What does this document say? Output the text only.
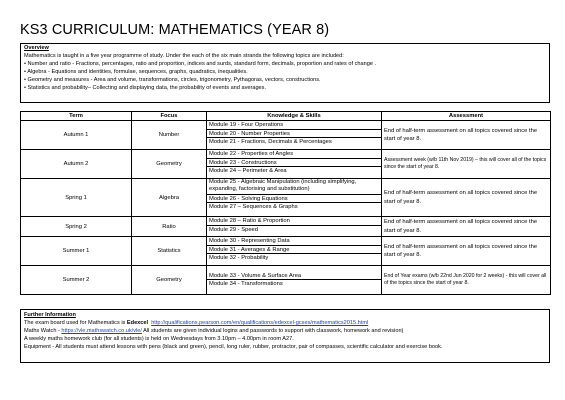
KS3 CURRICULUM: MATHEMATICS (YEAR 8)
Overview
Mathematics is taught in a five year programme of study. Under the each of the six main strands the following topics are included:
• Number and ratio - Fractions, percentages, ratio and proportion, indices and surds, standard form, decimals, proportion and rates of change .
• Algebra - Equations and identities, formulae, sequences, graphs, quadratics, inequalities.
• Geometry and measures - Area and volume, transformations, circles, trigonometry, Pythagoras, vectors, constructions.
• Statistics and probability– Collecting and displaying data, the probability of events and averages.
Term	Focus	Knowledge & Skills	Assessment
Autumn 1	Number	Module 19 - Four Operations
Module 20 - Number Properties
Module 21 - Fractions, Decimals & Percentages	End of half-term assessment on all topics covered since the start of year 8.
Autumn 2	Geometry	Module 22 - Properties of Angles
Module 23 - Constructions
Module 24 – Perimeter & Area	Assessment week (w/b 11th Nov 2019) – this will cover all of the topics since the start of year 8.
Spring 1	Algebra	Module 25 - Algebraic Manipulation (including simplifying, expanding, factorising and substitution)
Module 26 - Solving Equations
Module 27 – Sequences & Graphs	End of half-term assessment on all topics covered since the start of year 8.
Spring 2	Ratio	Module 28 – Ratio & Proportion
Module 29 - Speed	End of half-term assessment on all topics covered since the start of year 8.
Summer 1	Statistics	Module 30 - Representing Data
Module 31 - Averages & Range
Module 32 - Probability	End of half-term assessment on all topics covered since the start of year 8.
Summer 2	Geometry	Module 33 - Volume & Surface Area
Module 34 - Transformations	End of Year exams (w/b 22nd Jun 2020 for 2 weeks) - this will cover all of the topics since the start of year 8.
Further Information
The exam board used for Mathematics is Edexcel http://qualifications.pearson.com/en/qualifications/edexcel-gcses/mathematics2015.html
Maths Watch - https://vle.mathswatch.co.uk/vle/ All students are given individual logins and passwords to support with classwork, homework and revision)
A weekly maths homework club (for all students) is held on Wednesdays from 3.10pm – 4.00pm in room A27.
Equipment - All students must attend lessons with pens (black and green), pencil, long ruler, rubber, protractor, pair of compasses, scientific calculator and exercise book.
